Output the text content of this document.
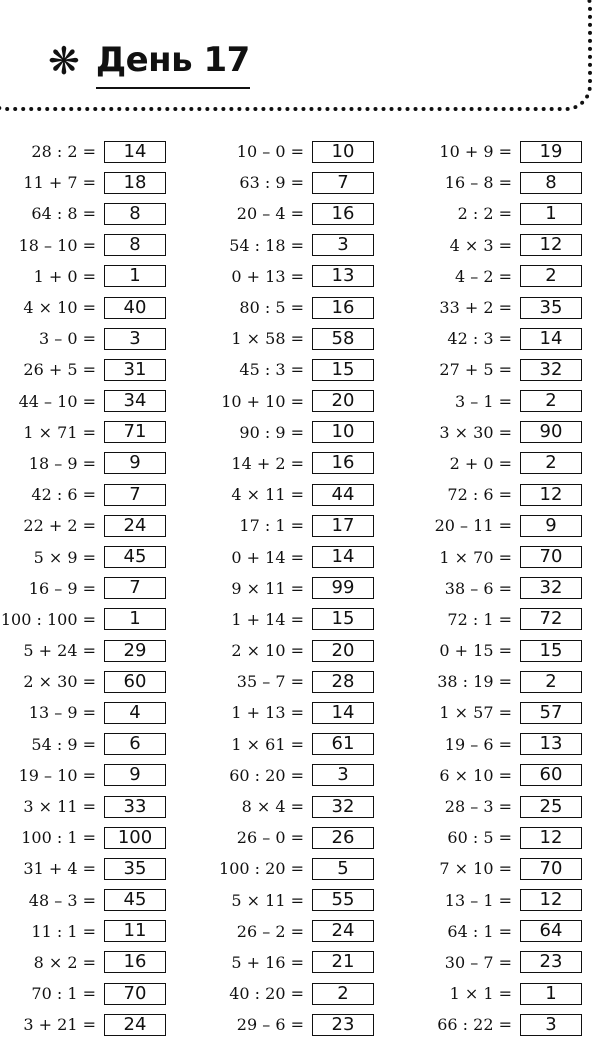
❋ День 17
28 : 2 =	14
11 + 7 =	18
64 : 8 =	8
18 – 10 =	8
1 + 0 =	1
4 × 10 =	40
3 – 0 =	3
26 + 5 =	31
44 – 10 =	34
1 × 71 =	71
18 – 9 =	9
42 : 6 =	7
22 + 2 =	24
5 × 9 =	45
16 – 9 =	7
100 : 100 =	1
5 + 24 =	29
2 × 30 =	60
13 – 9 =	4
54 : 9 =	6
19 – 10 =	9
3 × 11 =	33
100 : 1 =	100
31 + 4 =	35
48 – 3 =	45
11 : 1 =	11
8 × 2 =	16
70 : 1 =	70
3 + 21 =	24
10 – 0 =	10
63 : 9 =	7
20 – 4 =	16
54 : 18 =	3
0 + 13 =	13
80 : 5 =	16
1 × 58 =	58
45 : 3 =	15
10 + 10 =	20
90 : 9 =	10
14 + 2 =	16
4 × 11 =	44
17 : 1 =	17
0 + 14 =	14
9 × 11 =	99
1 + 14 =	15
2 × 10 =	20
35 – 7 =	28
1 + 13 =	14
1 × 61 =	61
60 : 20 =	3
8 × 4 =	32
26 – 0 =	26
100 : 20 =	5
5 × 11 =	55
26 – 2 =	24
5 + 16 =	21
40 : 20 =	2
29 – 6 =	23
10 + 9 =	19
16 – 8 =	8
2 : 2 =	1
4 × 3 =	12
4 – 2 =	2
33 + 2 =	35
42 : 3 =	14
27 + 5 =	32
3 – 1 =	2
3 × 30 =	90
2 + 0 =	2
72 : 6 =	12
20 – 11 =	9
1 × 70 =	70
38 – 6 =	32
72 : 1 =	72
0 + 15 =	15
38 : 19 =	2
1 × 57 =	57
19 – 6 =	13
6 × 10 =	60
28 – 3 =	25
60 : 5 =	12
7 × 10 =	70
13 – 1 =	12
64 : 1 =	64
30 – 7 =	23
1 × 1 =	1
66 : 22 =	3
